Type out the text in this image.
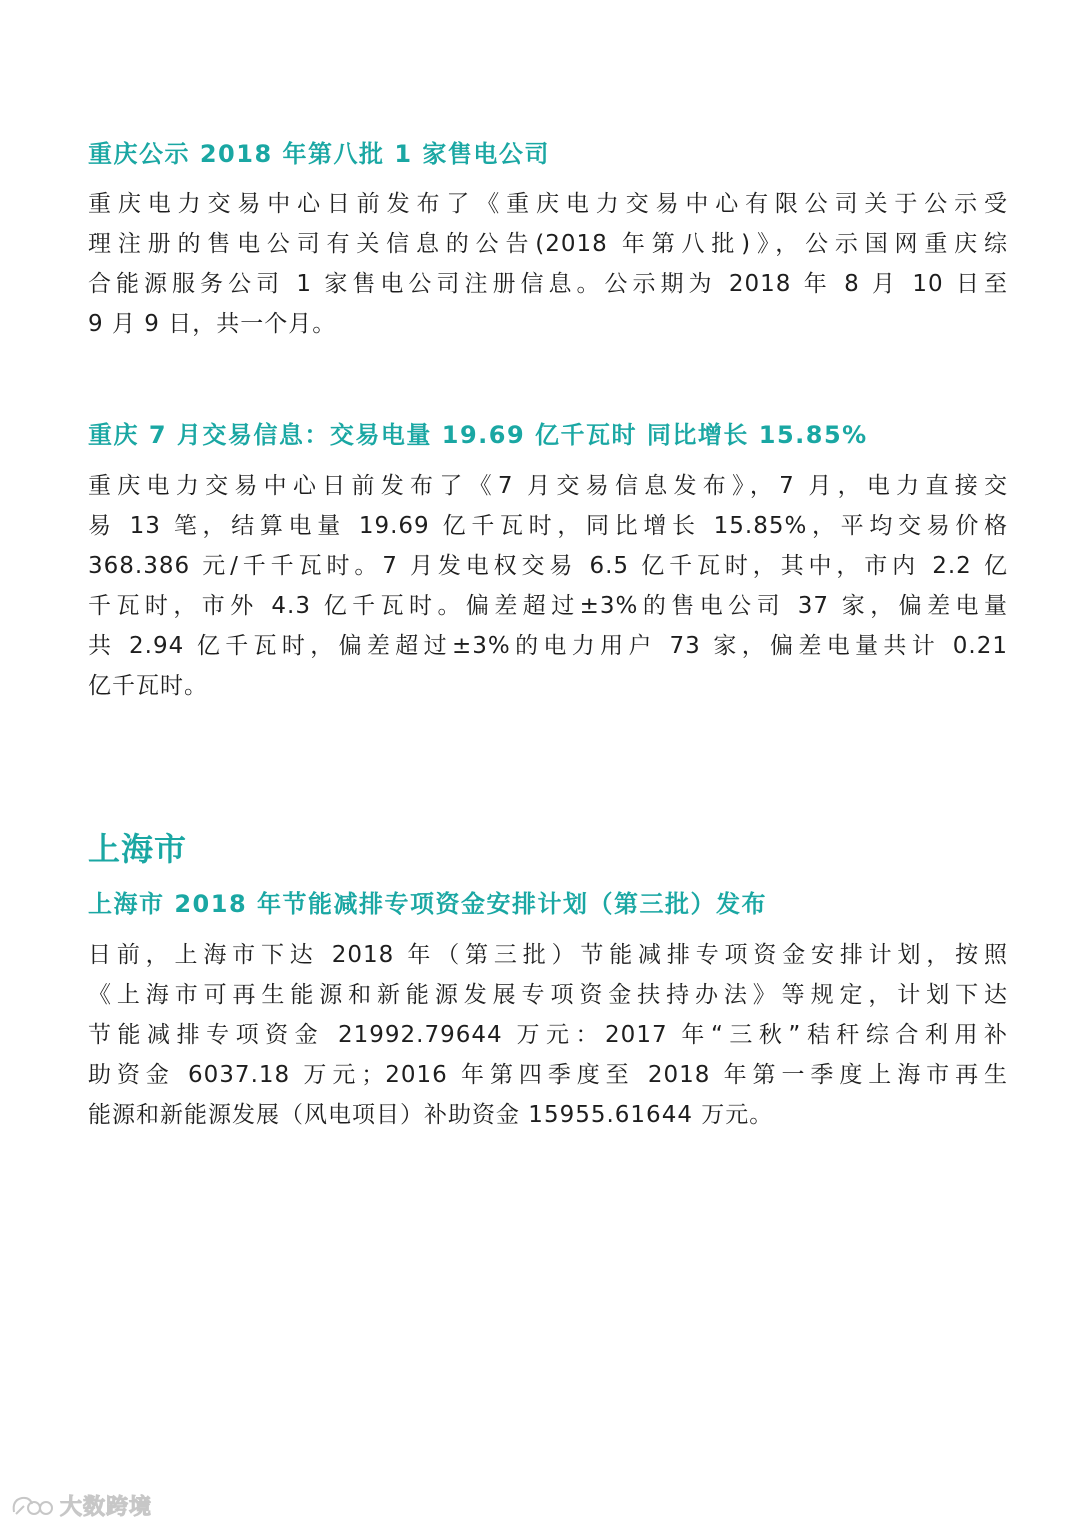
重庆公示 2018 年第八批 1 家售电公司
重庆电力交易中心日前发布了《重庆电力交易中心有限公司关于公示受
理注册的售电公司有关信息的公告(2018 年第八批)》，公示国网重庆综
合能源服务公司 1 家售电公司注册信息。公示期为 2018 年 8 月 10 日至
9 月 9 日，共一个月。
重庆 7 月交易信息：交易电量 19.69 亿千瓦时 同比增长 15.85%
重庆电力交易中心日前发布了《7 月交易信息发布》，7 月，电力直接交
易 13 笔，结算电量 19.69 亿千瓦时，同比增长 15.85%，平均交易价格
368.386 元/千千瓦时。7 月发电权交易 6.5 亿千瓦时，其中，市内 2.2 亿
千瓦时，市外 4.3 亿千瓦时。偏差超过±3%的售电公司 37 家，偏差电量
共 2.94 亿千瓦时，偏差超过±3%的电力用户 73 家，偏差电量共计 0.21
亿千瓦时。
上海市
上海市 2018 年节能减排专项资金安排计划（第三批）发布
日前，上海市下达 2018 年（第三批）节能减排专项资金安排计划，按照
《上海市可再生能源和新能源发展专项资金扶持办法》等规定，计划下达
节能减排专项资金 21992.79644 万元：2017 年“三秋”秸秆综合利用补
助资金 6037.18 万元；2016 年第四季度至 2018 年第一季度上海市再生
能源和新能源发展（风电项目）补助资金 15955.61644 万元。
大数跨境
